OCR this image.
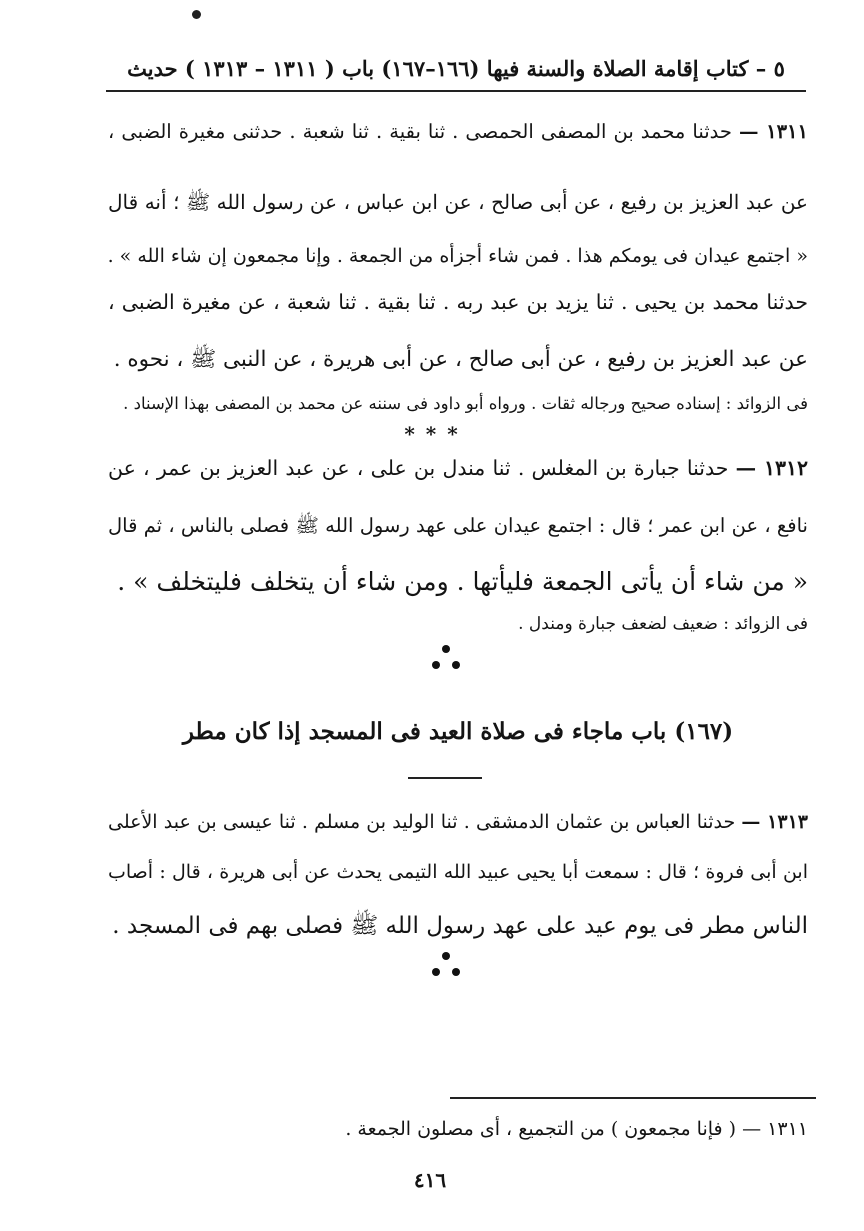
٥ – كتاب إقامة الصلاة والسنة فيها (١٦٦–١٦٧) باب ( ١٣١١ – ١٣١٣ ) حديث
١٣١١ — حدثنا محمد بن المصفى الحمصى . ثنا بقية . ثنا شعبة . حدثنى مغيرة الضبى ،
عن عبد العزيز بن رفيع ، عن أبى صالح ، عن ابن عباس ، عن رسول الله ﷺ ؛ أنه قال
« اجتمع عيدان فى يومكم هذا . فمن شاء أجزأه من الجمعة . وإنا مجمعون إن شاء الله » .
حدثنا محمد بن يحيى . ثنا يزيد بن عبد ربه . ثنا بقية . ثنا شعبة ، عن مغيرة الضبى ،
عن عبد العزيز بن رفيع ، عن أبى صالح ، عن أبى هريرة ، عن النبى ﷺ ، نحوه .
فى الزوائد : إسناده صحيح ورجاله ثقات . ورواه أبو داود فى سننه عن محمد بن المصفى بهذا الإسناد .
* * *
١٣١٢ — حدثنا جبارة بن المغلس . ثنا مندل بن على ، عن عبد العزيز بن عمر ، عن
نافع ، عن ابن عمر ؛ قال : اجتمع عيدان على عهد رسول الله ﷺ فصلى بالناس ، ثم قال
« من شاء أن يأتى الجمعة فليأتها . ومن شاء أن يتخلف فليتخلف » .
فى الزوائد : ضعيف لضعف جبارة ومندل .
(١٦٧) باب ماجاء فى صلاة العيد فى المسجد إذا كان مطر
١٣١٣ — حدثنا العباس بن عثمان الدمشقى . ثنا الوليد بن مسلم . ثنا عيسى بن عبد الأعلى
ابن أبى فروة ؛ قال : سمعت أبا يحيى عبيد الله التيمى يحدث عن أبى هريرة ، قال : أصاب
الناس مطر فى يوم عيد على عهد رسول الله ﷺ فصلى بهم فى المسجد .
١٣١١ — ( فإنا مجمعون ) من التجميع ، أى مصلون الجمعة .
٤١٦
